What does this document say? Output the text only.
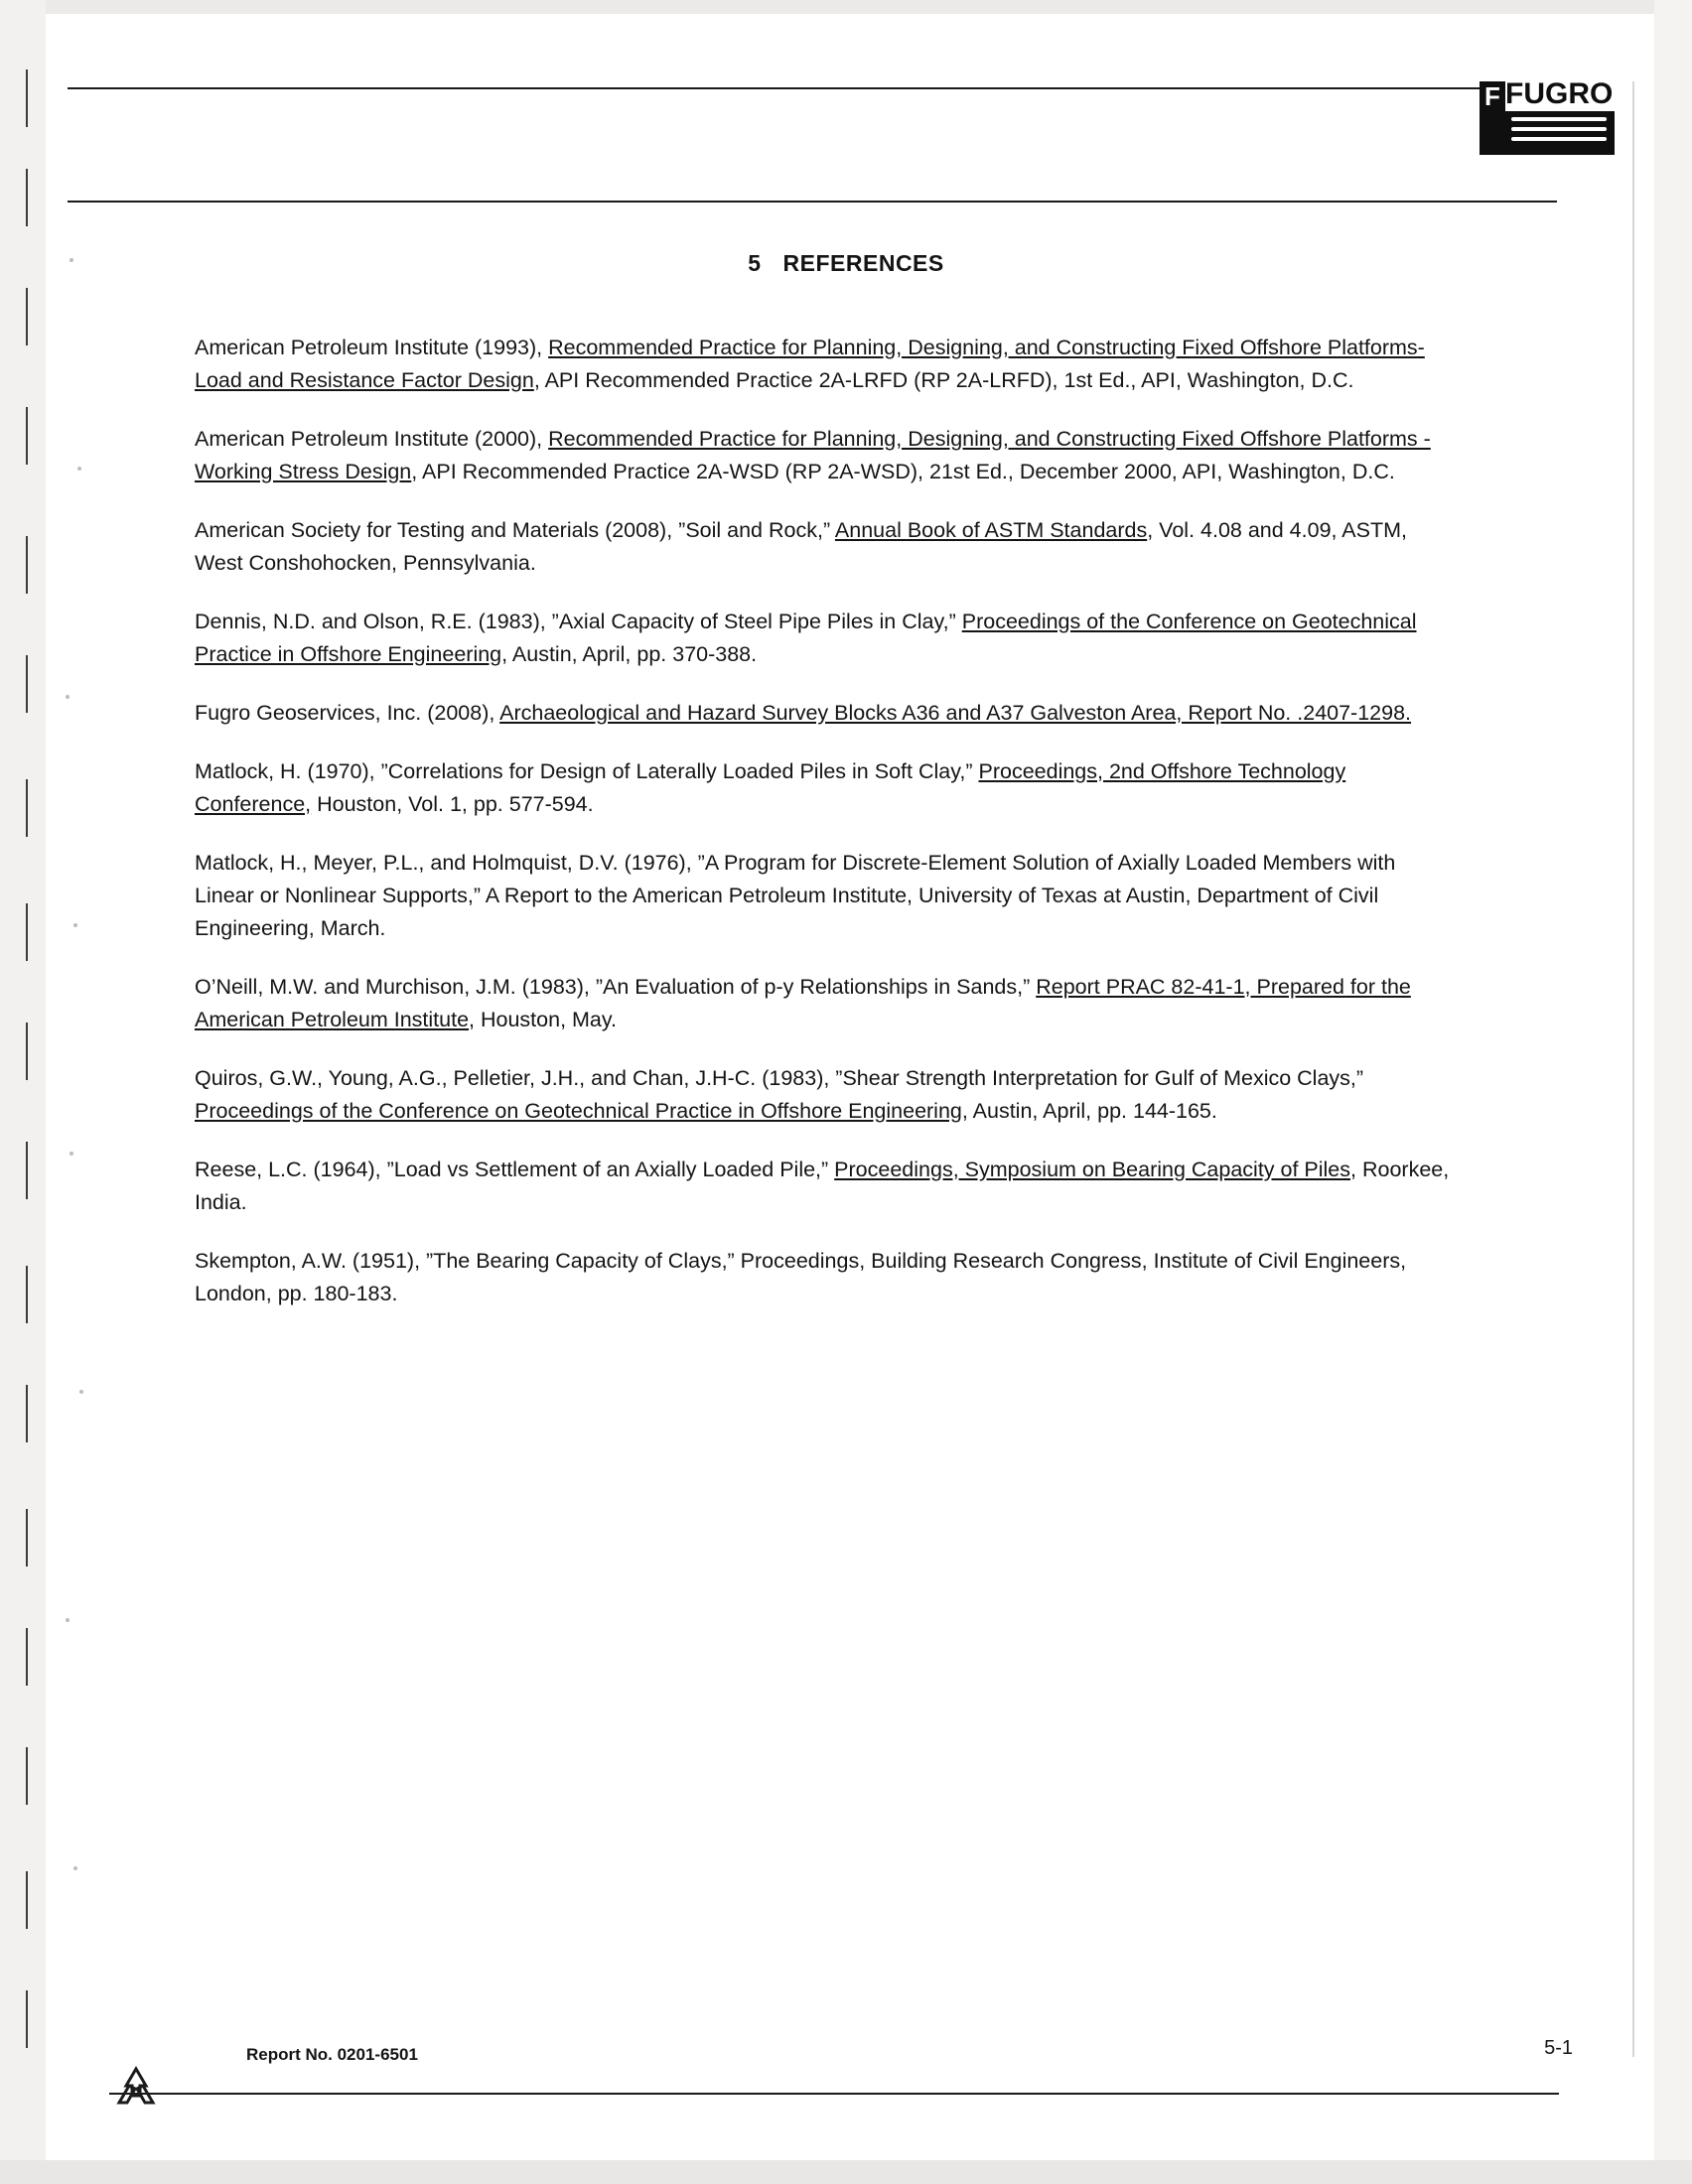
F FUGRO
5 REFERENCES

American Petroleum Institute (1993), Recommended Practice for Planning, Designing, and Constructing Fixed Offshore Platforms-Load and Resistance Factor Design, API Recommended Practice 2A-LRFD (RP 2A-LRFD), 1st Ed., API, Washington, D.C.

American Petroleum Institute (2000), Recommended Practice for Planning, Designing, and Constructing Fixed Offshore Platforms - Working Stress Design, API Recommended Practice 2A-WSD (RP 2A-WSD), 21st Ed., December 2000, API, Washington, D.C.

American Society for Testing and Materials (2008), ”Soil and Rock,” Annual Book of ASTM Standards, Vol. 4.08 and 4.09, ASTM, West Conshohocken, Pennsylvania.

Dennis, N.D. and Olson, R.E. (1983), ”Axial Capacity of Steel Pipe Piles in Clay,” Proceedings of the Conference on Geotechnical Practice in Offshore Engineering, Austin, April, pp. 370-388.

Fugro Geoservices, Inc. (2008), Archaeological and Hazard Survey Blocks A36 and A37 Galveston Area, Report No. .2407-1298.

Matlock, H. (1970), ”Correlations for Design of Laterally Loaded Piles in Soft Clay,” Proceedings, 2nd Offshore Technology Conference, Houston, Vol. 1, pp. 577-594.

Matlock, H., Meyer, P.L., and Holmquist, D.V. (1976), ”A Program for Discrete-Element Solution of Axially Loaded Members with Linear or Nonlinear Supports,” A Report to the American Petroleum Institute, University of Texas at Austin, Department of Civil Engineering, March.

O’Neill, M.W. and Murchison, J.M. (1983), ”An Evaluation of p-y Relationships in Sands,” Report PRAC 82-41-1, Prepared for the American Petroleum Institute, Houston, May.

Quiros, G.W., Young, A.G., Pelletier, J.H., and Chan, J.H-C. (1983), ”Shear Strength Interpretation for Gulf of Mexico Clays,” Proceedings of the Conference on Geotechnical Practice in Offshore Engineering, Austin, April, pp. 144-165.

Reese, L.C. (1964), ”Load vs Settlement of an Axially Loaded Pile,” Proceedings, Symposium on Bearing Capacity of Piles, Roorkee, India.

Skempton, A.W. (1951), ”The Bearing Capacity of Clays,” Proceedings, Building Research Congress, Institute of Civil Engineers, London, pp. 180-183.

Report No. 0201-6501	5-1
